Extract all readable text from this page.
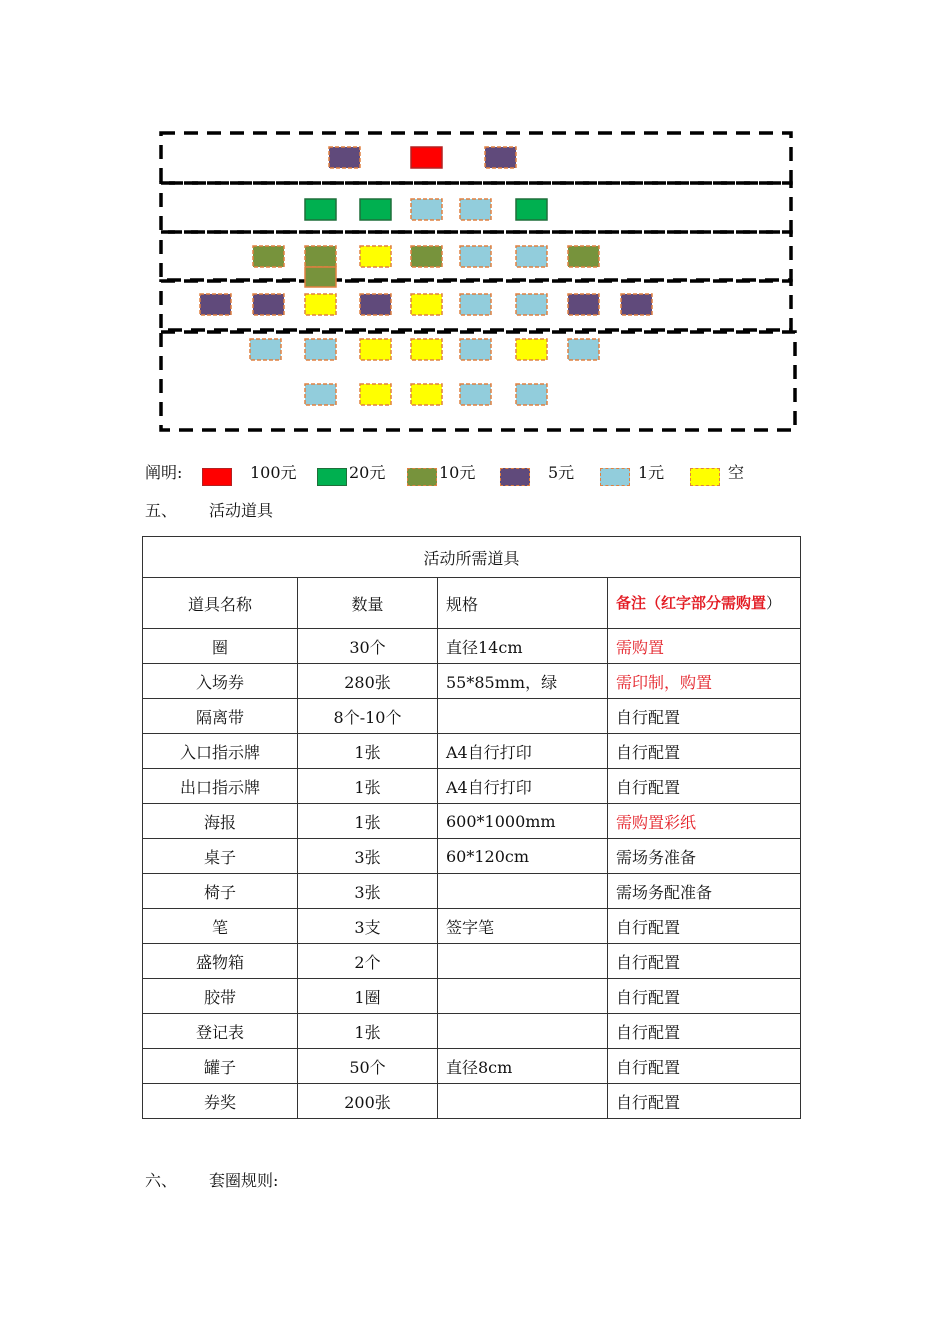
阐明:	100元	20元	10元	5元	1元	空
五、 活动道具
活动所需道具			
道具名称	数量	规格	备注（红字部分需购置）
圈	30个	直径14cm	需购置
入场券	280张	55*85mm，绿	需印制，购置
隔离带	8个-10个		自行配置
入口指示牌	1张	A4自行打印	自行配置
出口指示牌	1张	A4自行打印	自行配置
海报	1张	600*1000mm	需购置彩纸
桌子	3张	60*120cm	需场务准备
椅子	3张		需场务配准备
笔	3支	签字笔	自行配置
盛物箱	2个		自行配置
胶带	1圈		自行配置
登记表	1张		自行配置
罐子	50个	直径8cm	自行配置
券奖	200张		自行配置
六、 套圈规则:
